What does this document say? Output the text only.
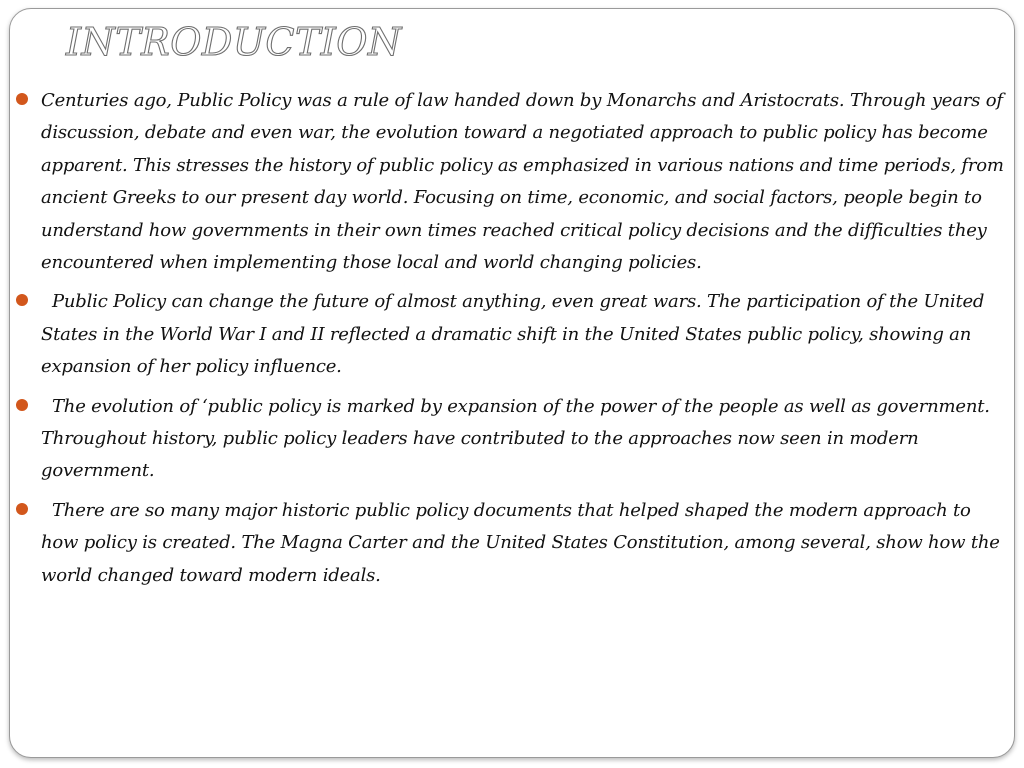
INTRODUCTION
Centuries ago, Public Policy was a rule of law handed down by Monarchs and Aristocrats. Through years of discussion, debate and even war, the evolution toward a negotiated approach to public policy has become apparent. This stresses the history of public policy as emphasized in various nations and time periods, from ancient Greeks to our present day world. Focusing on time, economic, and social factors, people begin to understand how governments in their own times reached critical policy decisions and the difficulties they encountered when implementing those local and world changing policies.
Public Policy can change the future of almost anything, even great wars. The participation of the United States in the World War I and II reflected a dramatic shift in the United States public policy, showing an expansion of her policy influence.
The evolution of ‘public policy is marked by expansion of the power of the people as well as government. Throughout history, public policy leaders have contributed to the approaches now seen in modern government.
There are so many major historic public policy documents that helped shaped the modern approach to how policy is created. The Magna Carter and the United States Constitution, among several, show how the world changed toward modern ideals.
